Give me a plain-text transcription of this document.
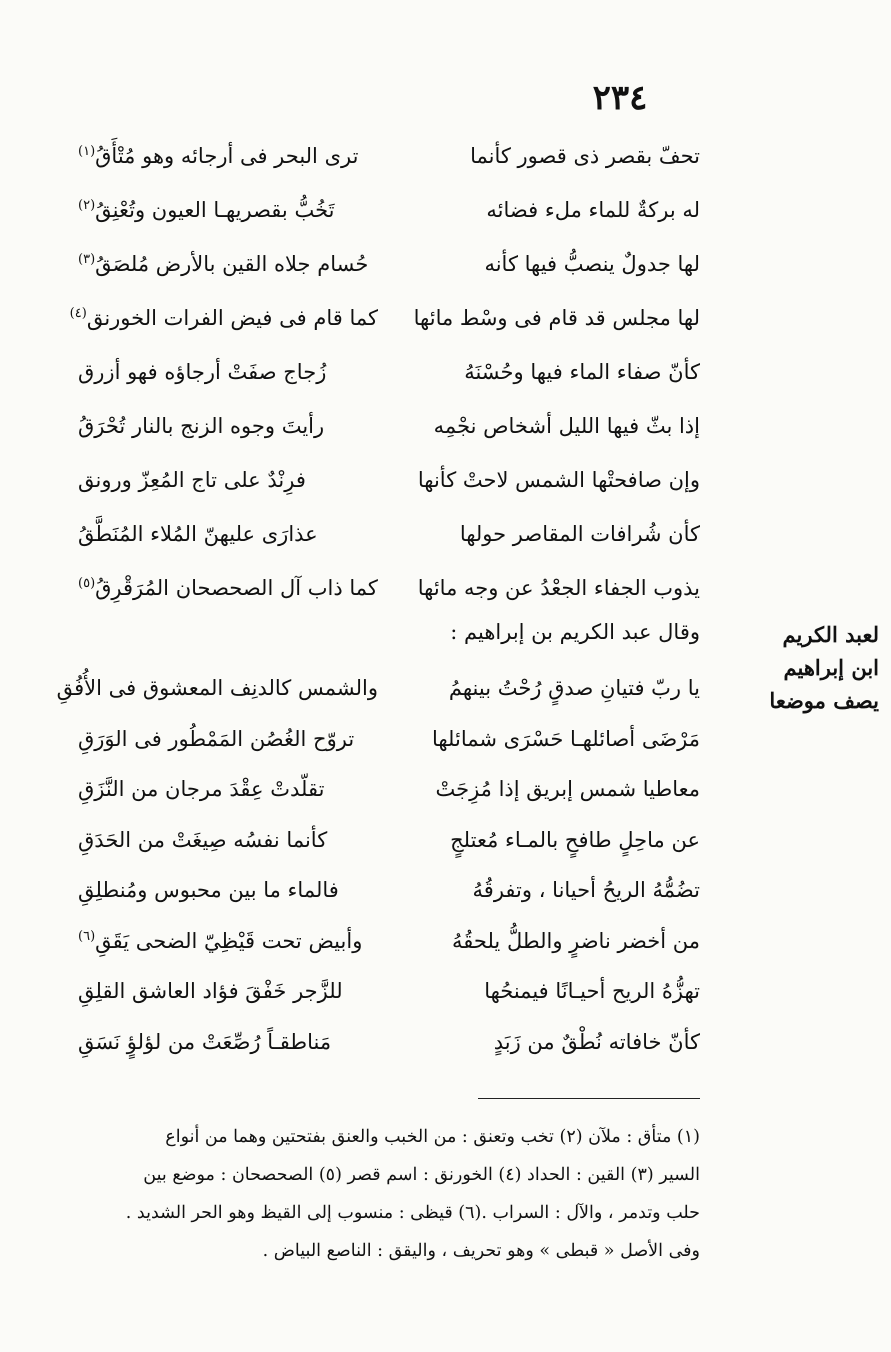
٢٣٤
تحفّ بقصر ذى قصور كأنما
ترى البحر فى أرجائه وهو مُتْأَقُ$^{(١)}$
له بركةٌ للماء ملء فضائه
تَخُبُّ بقصريهـا العيون وتُعْنِقُ$^{(٢)}$
لها جدولٌ ينصبُّ فيها كأنه
حُسام جلاه القين بالأرض مُلصَقُ$^{(٣)}$
لها مجلس قد قام فى وسْط مائها
كما قام فى فيض الفرات الخورنق$^{(٤)}$
كأنّ صفاء الماء فيها وحُسْنَهُ
زُجاج صفَتْ أرجاؤه فهو أزرق
إذا بثّ فيها الليل أشخاص نجْمِه
رأيتَ وجوه الزنج بالنار تُحْرَقُ
وإن صافحتْها الشمس لاحتْ كأنها
فرِنْدٌ على تاج المُعِزّ ورونق
كأن شُرافات المقاصر حولها
عذارَى عليهنّ المُلاء المُنَطَّقُ
يذوب الجفاء الجعْدُ عن وجه مائها
كما ذاب آل الصحصحان المُرَقْرِقُ$^{(٥)}$
وقال عبد الكريم بن إبراهيم :	لعبد الكريم
ابن إبراهيم
يصف موضعا
يا ربّ فتيانِ صدقٍ رُحْتُ بينهمُ
والشمس كالدنِف المعشوق فى الأُفُقِ
مَرْضَى أصائلهـا حَسْرَى شمائلها
تروّح الغُصُن المَمْطُور فى الوَرَقِ
معاطيا شمس إبريق إذا مُزِجَتْ
تقلّدتْ عِقْدَ مرجان من النَّزَقِ
عن ماحِلٍ طافحٍ بالمـاء مُعتلجٍ
كأنما نفسُه صِيغَتْ من الحَدَقِ
تضُمُّهُ الريحُ أحيانا ، وتفرقُهُ
فالماء ما بين محبوس ومُنطلِقِ
من أخضر ناضرٍ والطلُّ يلحقُهُ
وأبيض تحت قَيْظِيّ الضحى يَقَقِ$^{(٦)}$
تهزُّهُ الريح أحيـانًا فيمنحُها
للزَّجر خَفْقَ فؤاد العاشق القلِقِ
كأنّ خافاته نُطْقٌ من زَبَدٍ
مَناطقـاً رُصِّعَتْ من لؤلؤٍ نَسَقِ

(١) متأق : ملآن (٢) تخب وتعنق : من الخبب والعنق بفتحتين وهما من أنواع

السير (٣) القين : الحداد (٤) الخورنق : اسم قصر (٥) الصحصحان : موضع بين

حلب وتدمر ، والآل : السراب .(٦) قيظى : منسوب إلى القيظ وهو الحر الشديد .

وفى الأصل « قبطى » وهو تحريف ، واليقق : الناصع البياض .
